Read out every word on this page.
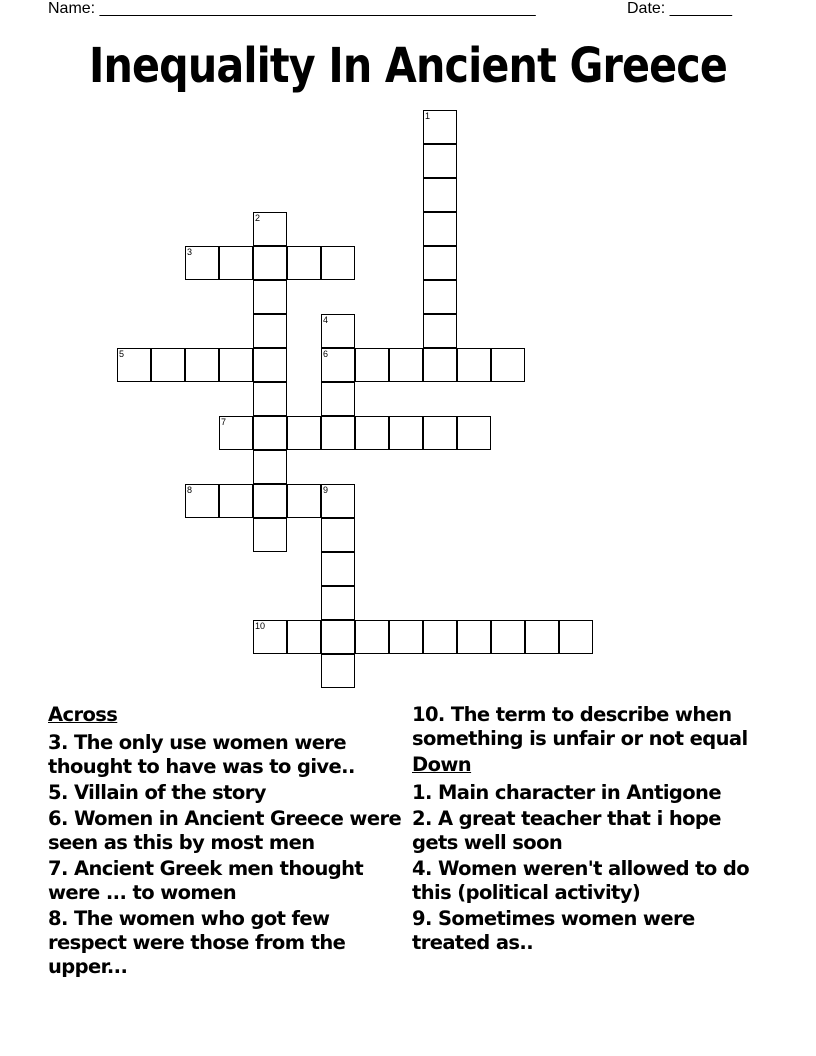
Name: _________________________________________________	Date: _______
Inequality In Ancient Greece
1
2
3
4
6
5
7
8	9
10
Across
3. The only use women were thought to have was to give..
5. Villain of the story
6. Women in Ancient Greece were seen as this by most men
7. Ancient Greek men thought were ... to women
8. The women who got few respect were those from the upper...
10. The term to describe when something is unfair or not equal
Down
1. Main character in Antigone
2. A great teacher that i hope gets well soon
4. Women weren't allowed to do this (political activity)
9. Sometimes women were treated as..
